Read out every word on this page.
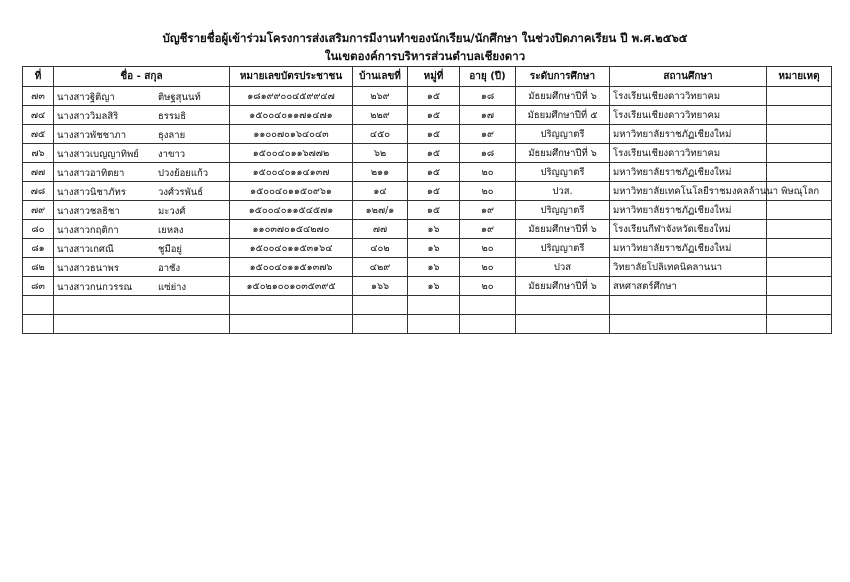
บัญชีรายชื่อผู้เข้าร่วมโครงการส่งเสริมการมีงานทำของนักเรียน/นักศึกษา ในช่วงปิดภาคเรียน ปี พ.ศ.๒๕๖๕
ในเขตองค์การบริหารส่วนตำบลเชียงดาว
ที่	ชื่อ - สกุล	หมายเลขบัตรประชาชน	บ้านเลขที่	หมู่ที่	อายุ (ปี)	ระดับการศึกษา	สถานศึกษา	หมายเหตุ
๗๓	นางสาวฐิติญา ติษฐสุนนท์	๑๘๑๙๙๐๐๔๕๙๙๔๗	๒๖๙	๑๕	๑๘	มัธยมศึกษาปีที่ ๖	โรงเรียนเชียงดาววิทยาคม	
๗๔	นางสาววิมลสิริ ธรรมธิ	๑๕๐๐๔๐๑๑๗๑๔๗๑	๒๒๙	๑๕	๑๗	มัธยมศึกษาปีที่ ๕	โรงเรียนเชียงดาววิทยาคม	
๗๕	นางสาวพัชชาภา ธุงลาย	๑๑๐๐๗๐๑๖๔๐๔๓	๔๕๐	๑๕	๑๙	ปริญญาตรี	มหาวิทยาลัยราชภัฏเชียงใหม่	
๗๖	นางสาวเบญญาทิพย์ งาขาว	๑๕๐๐๔๐๑๑๖๗๗๒	๖๒	๑๕	๑๘	มัธยมศึกษาปีที่ ๖	โรงเรียนเชียงดาววิทยาคม	
๗๗	นางสาวอาทิตยา ปวงย้อยแก้ว	๑๕๐๐๔๐๑๑๔๑๓๗	๒๑๑	๑๕	๒๐	ปริญญาตรี	มหาวิทยาลัยราชภัฏเชียงใหม่	
๗๘	นางสาวนิชาภัทร วงศ์วรพันธ์	๑๕๐๐๔๐๑๑๕๐๙๖๑	๑๔	๑๕	๒๐	ปวส.	มหาวิทยาลัยเทคโนโลยีราชมงคลล้านนา พิษณุโลก	
๗๙	นางสาวชลธิชา มะวงศ์	๑๕๐๐๔๐๑๑๕๔๕๗๑	๑๒๗/๑	๑๕	๑๙	ปริญญาตรี	มหาวิทยาลัยราชภัฏเชียงใหม่	
๘๐	นางสาวกฤติกา เยหลง	๑๑๐๓๗๐๑๕๔๒๗๐	๗๗	๑๖	๑๙	มัธยมศึกษาปีที่ ๖	โรงเรียนกีฬาจังหวัดเชียงใหม่	
๘๑	นางสาวเกศณี ชูมีอยู่	๑๕๐๐๔๐๑๑๕๓๑๖๔	๔๐๒	๑๖	๒๐	ปริญญาตรี	มหาวิทยาลัยราชภัฏเชียงใหม่	
๘๒	นางสาวธนาพร อาชัง	๑๕๐๐๔๐๑๑๕๑๓๗๖	๔๒๙	๑๖	๒๐	ปวส	วิทยาลัยโปลิเทคนิคลานนา	
๘๓	นางสาวกนกวรรณ แซ่ย่าง	๑๕๐๒๑๐๐๑๐๓๕๓๙๕	๑๖๖	๑๖	๒๐	มัธยมศึกษาปีที่ ๖	สหศาสตร์ศึกษา	
